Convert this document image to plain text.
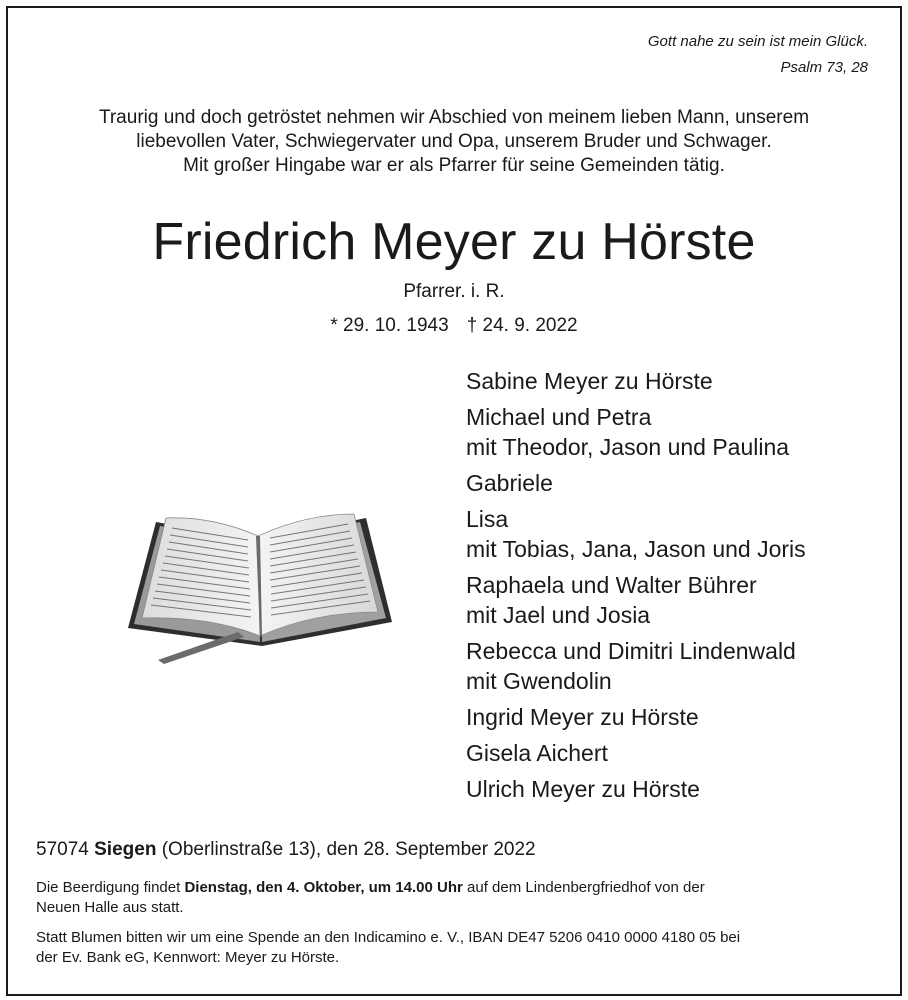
Gott nahe zu sein ist mein Glück.
Psalm 73, 28
Traurig und doch getröstet nehmen wir Abschied von meinem lieben Mann, unserem
liebevollen Vater, Schwiegervater und Opa, unserem Bruder und Schwager.
Mit großer Hingabe war er als Pfarrer für seine Gemeinden tätig.
Friedrich Meyer zu Hörste
Pfarrer. i. R.
* 29. 10. 1943 † 24. 9. 2022
Sabine Meyer zu Hörste
Michael und Petra
mit Theodor, Jason und Paulina
Gabriele
Lisa
mit Tobias, Jana, Jason und Joris
Raphaela und Walter Bührer
mit Jael und Josia
Rebecca und Dimitri Lindenwald
mit Gwendolin
Ingrid Meyer zu Hörste
Gisela Aichert
Ulrich Meyer zu Hörste
57074 Siegen (Oberlinstraße 13), den 28. September 2022
Die Beerdigung findet Dienstag, den 4. Oktober, um 14.00 Uhr auf dem Lindenbergfriedhof von der
Neuen Halle aus statt.
Statt Blumen bitten wir um eine Spende an den Indicamino e. V., IBAN DE47 5206 0410 0000 4180 05 bei
der Ev. Bank eG, Kennwort: Meyer zu Hörste.
